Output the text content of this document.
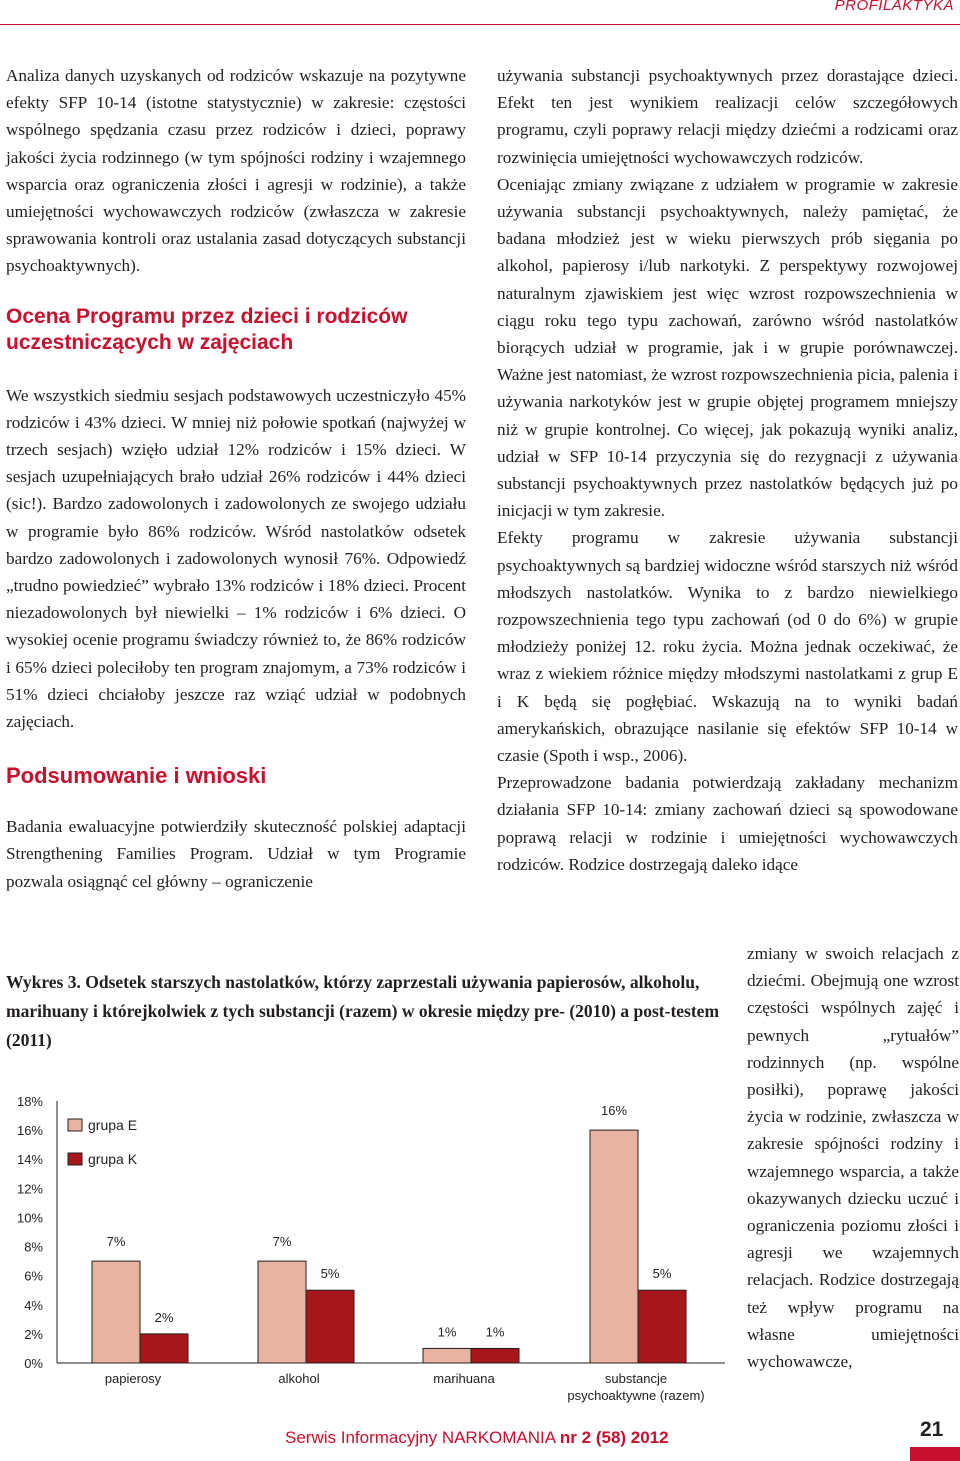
PROFILAKTYKA

Analiza danych uzyskanych od rodziców wskazuje na pozytywne efekty SFP 10-14 (istotne statystycznie) w zakresie: częstości wspólnego spędzania czasu przez rodziców i dzieci, poprawy jakości życia rodzinnego (w tym spójności rodziny i wzajemnego wsparcia oraz ograniczenia złości i agresji w rodzinie), a także umiejętności wychowawczych rodziców (zwłaszcza w zakresie sprawowania kontroli oraz ustalania zasad dotyczących substancji psychoaktywnych).

Ocena Programu przez dzieci i rodziców uczestniczących w zajęciach

We wszystkich siedmiu sesjach podstawowych uczestniczyło 45% rodziców i 43% dzieci. W mniej niż połowie spotkań (najwyżej w trzech sesjach) wzięło udział 12% rodziców i 15% dzieci. W sesjach uzupełniających brało udział 26% rodziców i 44% dzieci (sic!). Bardzo zadowolonych i zadowolonych ze swojego udziału w programie było 86% rodziców. Wśród nastolatków odsetek bardzo zadowolonych i zadowolonych wynosił 76%. Odpowiedź „trudno powiedzieć” wybrało 13% rodziców i 18% dzieci. Procent niezadowolonych był niewielki – 1% rodziców i 6% dzieci. O wysokiej ocenie programu świadczy również to, że 86% rodziców i 65% dzieci poleciłoby ten program znajomym, a 73% rodziców i 51% dzieci chciałoby jeszcze raz wziąć udział w podobnych zajęciach.

Podsumowanie i wnioski

Badania ewaluacyjne potwierdziły skuteczność polskiej adaptacji Strengthening Families Program. Udział w tym Programie pozwala osiągnąć cel główny – ograniczenie

używania substancji psychoaktywnych przez dorastające dzieci. Efekt ten jest wynikiem realizacji celów szczegółowych programu, czyli poprawy relacji między dziećmi a rodzicami oraz rozwinięcia umiejętności wychowawczych rodziców.

Oceniając zmiany związane z udziałem w programie w zakresie używania substancji psychoaktywnych, należy pamiętać, że badana młodzież jest w wieku pierwszych prób sięgania po alkohol, papierosy i/lub narkotyki. Z perspektywy rozwojowej naturalnym zjawiskiem jest więc wzrost rozpowszechnienia w ciągu roku tego typu zachowań, zarówno wśród nastolatków biorących udział w programie, jak i w grupie porównawczej. Ważne jest natomiast, że wzrost rozpowszechnienia picia, palenia i używania narkotyków jest w grupie objętej programem mniejszy niż w grupie kontrolnej. Co więcej, jak pokazują wyniki analiz, udział w SFP 10-14 przyczynia się do rezygnacji z używania substancji psychoaktywnych przez nastolatków będących już po inicjacji w tym zakresie.

Efekty programu w zakresie używania substancji psychoaktywnych są bardziej widoczne wśród starszych niż wśród młodszych nastolatków. Wynika to z bardzo niewielkiego rozpowszechnienia tego typu zachowań (od 0 do 6%) w grupie młodzieży poniżej 12. roku życia. Można jednak oczekiwać, że wraz z wiekiem różnice między młodszymi nastolatkami z grup E i K będą się pogłębiać. Wskazują na to wyniki badań amerykańskich, obrazujące nasilanie się efektów SFP 10-14 w czasie (Spoth i wsp., 2006).

Przeprowadzone badania potwierdzają zakładany mechanizm działania SFP 10-14: zmiany zachowań dzieci są spowodowane poprawą relacji w rodzinie i umiejętności wychowawczych rodziców. Rodzice dostrzegają daleko idące

zmiany w swoich relacjach z dziećmi. Obejmują one wzrost częstości wspólnych zajęć i pewnych „rytuałów” rodzinnych (np. wspólne posiłki), poprawę jakości życia w rodzinie, zwłaszcza w zakresie spójności rodziny i wzajemnego wsparcia, a także okazywanych dziecku uczuć i ograniczenia poziomu złości i agresji we wzajemnych relacjach. Rodzice dostrzegają też wpływ programu na własne umiejętności wychowawcze,
Wykres 3. Odsetek starszych nastolatków, którzy zaprzestali używania papierosów, alkoholu, marihuany i którejkolwiek z tych substancji (razem) w okresie między pre- (2010) a post-testem (2011)
0%
2%
4%
6%
8%
10%
12%
14%
16%
18%
7%	7%
1%
16%
2%
5%
1%
5%
papierosy	alkohol	marihuana	substancje
psychoaktywne (razem)
grupa E
grupa K
Serwis Informacyjny NARKOMANIA nr 2 (58) 2012	21
